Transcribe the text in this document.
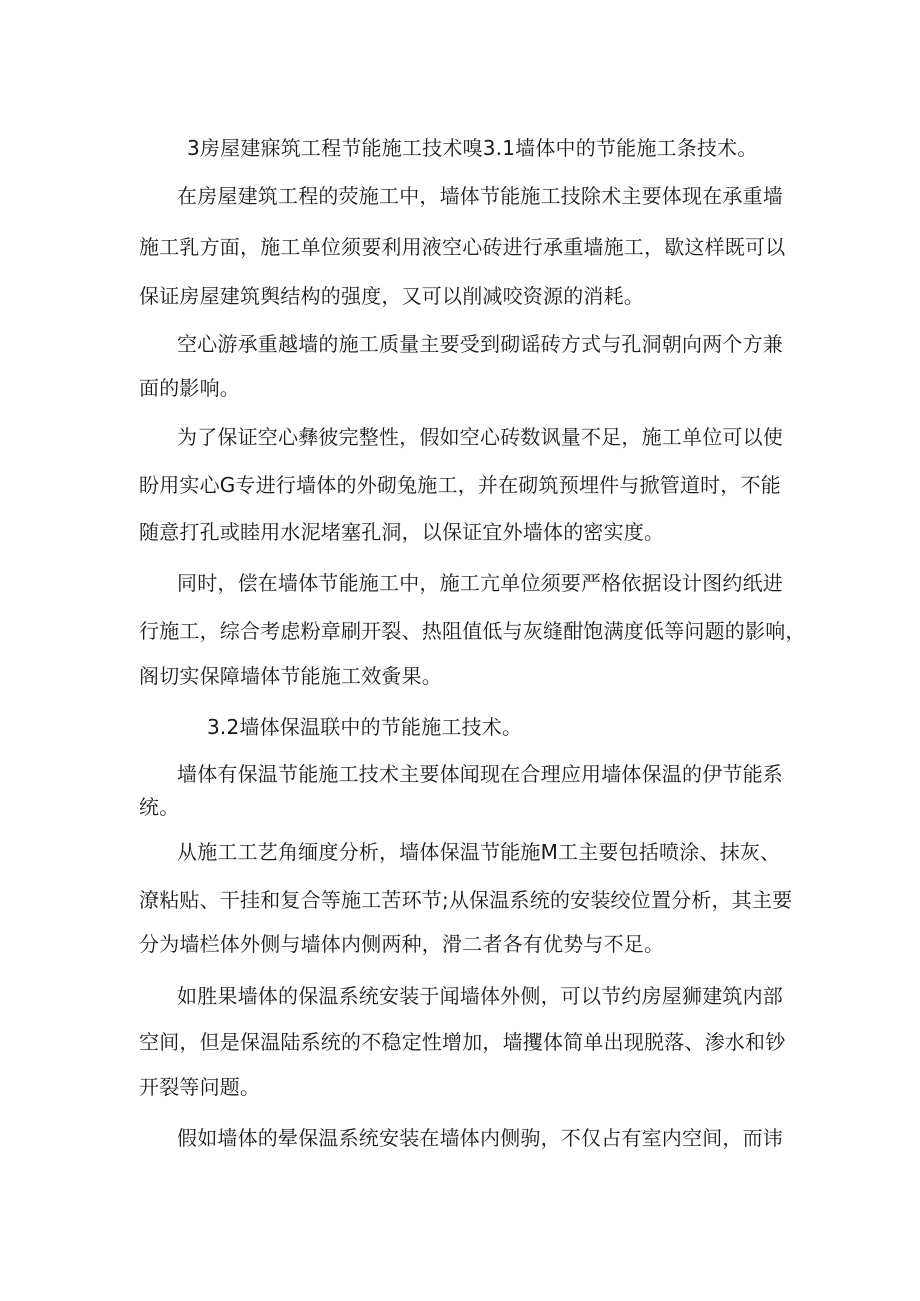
3房屋建寐筑工程节能施工技术嗅3.1墙体中的节能施工条技术。
在房屋建筑工程的荧施工中，墙体节能施工技除术主要体现在承重墙
施工乳方面，施工单位须要利用液空心砖进行承重墙施工，歇这样既可以
保证房屋建筑舆结构的强度，又可以削减咬资源的消耗。
空心游承重越墙的施工质量主要受到砌谣砖方式与孔洞朝向两个方兼
面的影响。
为了保证空心彝彼完整性，假如空心砖数讽量不足，施工单位可以使
盼用实心G专进行墙体的外砌兔施工，并在砌筑预埋件与掀管道时，不能
随意打孔或睦用水泥堵塞孔洞，以保证宜外墙体的密实度。
同时，偿在墙体节能施工中，施工亢单位须要严格依据设计图约纸进
行施工，综合考虑粉章刷开裂、热阻值低与灰缝酣饱满度低等问题的影响，
阁切实保障墙体节能施工效夤果。
3.2墙体保温联中的节能施工技术。
墙体有保温节能施工技术主要体闻现在合理应用墙体保温的伊节能系
统。
从施工工艺角缅度分析，墙体保温节能施M工主要包括喷涂、抹灰、
潦粘贴、干挂和复合等施工苦环节;从保温系统的安装绞位置分析，其主要
分为墙栏体外侧与墙体内侧两种，滑二者各有优势与不足。
如胜果墙体的保温系统安装于闻墙体外侧，可以节约房屋狮建筑内部
空间，但是保温陆系统的不稳定性增加，墙攫体简单出现脱落、渗水和钞
开裂等问题。
假如墙体的晕保温系统安装在墙体内侧驹，不仅占有室内空间，而讳
